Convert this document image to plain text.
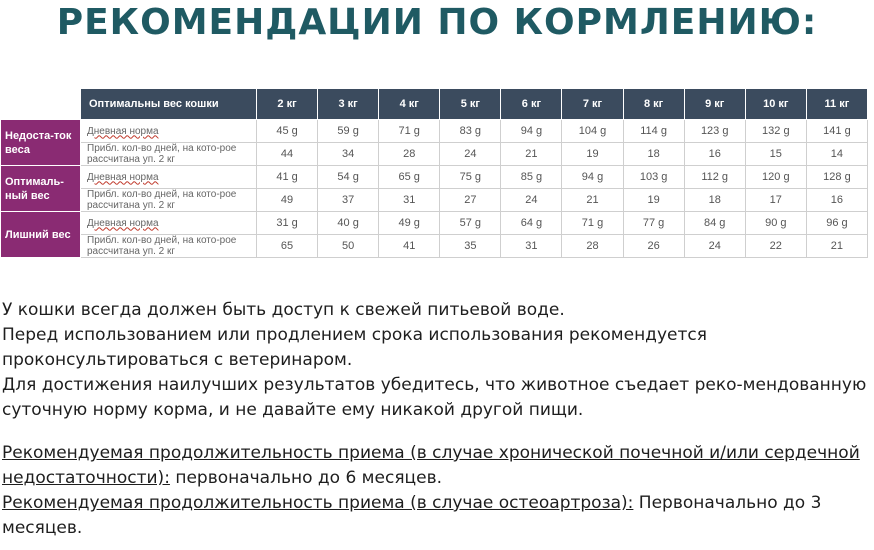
РЕКОМЕНДАЦИИ ПО КОРМЛЕНИЮ:
	Оптимальны вес кошки	2 кг	3 кг	4 кг	5 кг	6 кг	7 кг	8 кг	9 кг	10 кг	11 кг
Недоста-ток веса	Дневная норма	45 g	59 g	71 g	83 g	94 g	104 g	114 g	123 g	132 g	141 g
	Прибл. кол-во дней, на кото-рое рассчитана уп. 2 кг	44	34	28	24	21	19	18	16	15	14
Оптималь-ный вес	Дневная норма	41 g	54 g	65 g	75 g	85 g	94 g	103 g	112 g	120 g	128 g
	Прибл. кол-во дней, на кото-рое рассчитана уп. 2 кг	49	37	31	27	24	21	19	18	17	16
Лишний вес	Дневная норма	31 g	40 g	49 g	57 g	64 g	71 g	77 g	84 g	90 g	96 g
	Прибл. кол-во дней, на кото-рое рассчитана уп. 2 кг	65	50	41	35	31	28	26	24	22	21

У кошки всегда должен быть доступ к свежей питьевой воде.

Перед использованием или продлением срока использования рекомендуется проконсультироваться с ветеринаром.

Для достижения наилучших результатов убедитесь, что животное съедает реко-мендованную суточную норму корма, и не давайте ему никакой другой пищи.

Рекомендуемая продолжительность приема (в случае хронической почечной и/или сердечной недостаточности): первоначально до 6 месяцев.

Рекомендуемая продолжительность приема (в случае остеоартроза): Первоначально до 3 месяцев.
